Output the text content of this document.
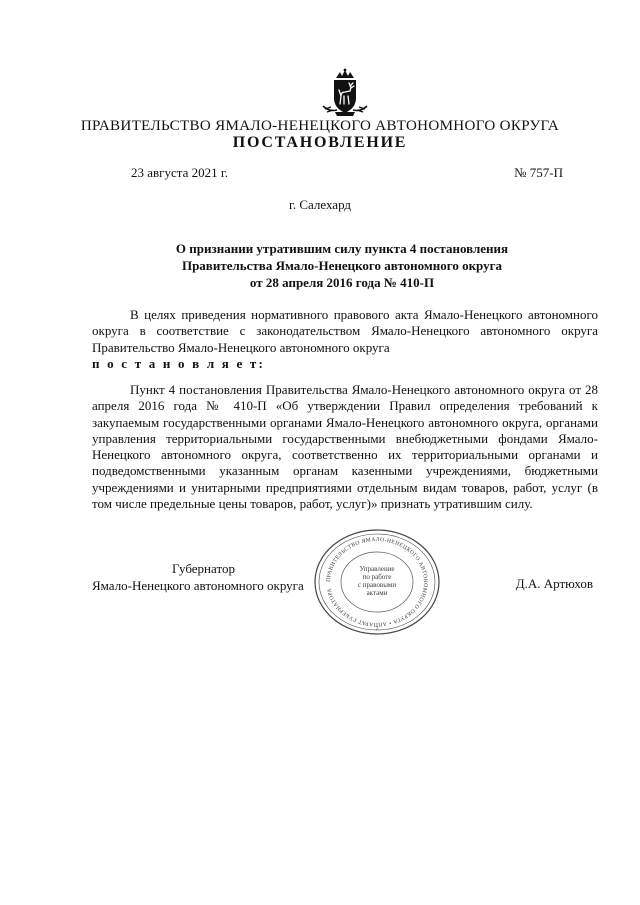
ПРАВИТЕЛЬСТВО ЯМАЛО-НЕНЕЦКОГО АВТОНОМНОГО ОКРУГА
ПОСТАНОВЛЕНИЕ
23 августа 2021 г.	№ 757-П
г. Салехард
О признании утратившим силу пункта 4 постановления
Правительства Ямало-Ненецкого автономного округа
от 28 апреля 2016 года № 410-П
В целях приведения нормативного правового акта Ямало-Ненецкого автономного округа в соответствие с законодательством Ямало-Ненецкого автономного округа Правительство Ямало-Ненецкого автономного округа
п о с т а н о в л я е т:
Пункт 4 постановления Правительства Ямало-Ненецкого автономного округа от 28 апреля 2016 года № 410-П «Об утверждении Правил определения требований к закупаемым государственными органами Ямало-Ненецкого автономного округа, органами управления территориальными государственными внебюджетными фондами Ямало-Ненецкого автономного округа, соответственно их территориальными органами и подведомственными указанным органам казенными учреждениями, бюджетными учреждениями и унитарными предприятиями отдельным видам товаров, работ, услуг (в том числе предельные цены товаров, работ, услуг)» признать утратившим силу.
Губернатор
Ямало-Ненецкого автономного округа	Д.А. Артюхов
ПРАВИТЕЛЬСТВО ЯМАЛО-НЕНЕЦКОГО АВТОНОМНОГО ОКРУГА • АППАРАТ ГУБЕРНАТОРА
Управление
по работе
с правовыми
актами
2
